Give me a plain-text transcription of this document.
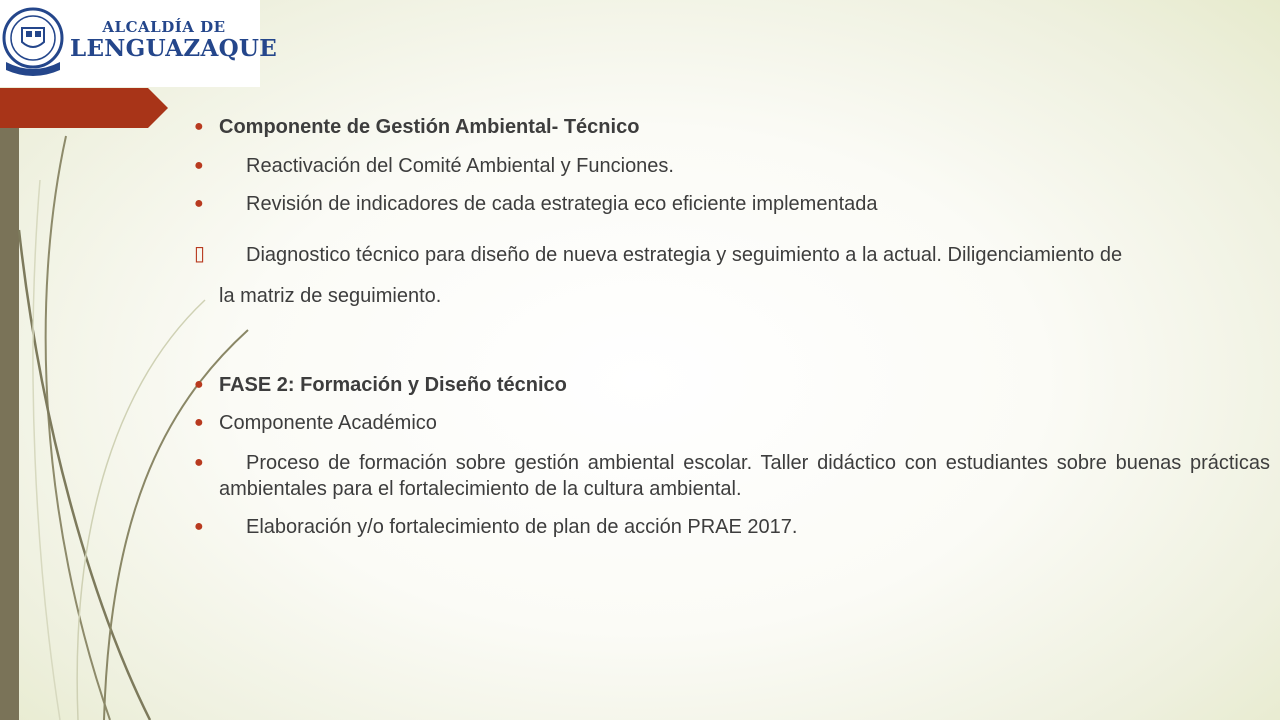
ALCALDÍA DE
LENGUAZAQUE
● Componente de Gestión Ambiental- Técnico
●	Reactivación del Comité Ambiental y Funciones.
●	Revisión de indicadores de cada estrategia eco eficiente implementada
▯	Diagnostico técnico para diseño de nueva estrategia y seguimiento a la actual. Diligenciamiento de
la matriz de seguimiento.
● FASE 2: Formación y Diseño técnico
● Componente Académico
●	Proceso de formación sobre gestión ambiental escolar. Taller didáctico con estudiantes sobre buenas prácticas ambientales para el fortalecimiento de la cultura ambiental.
●	Elaboración y/o fortalecimiento de plan de acción PRAE 2017.
